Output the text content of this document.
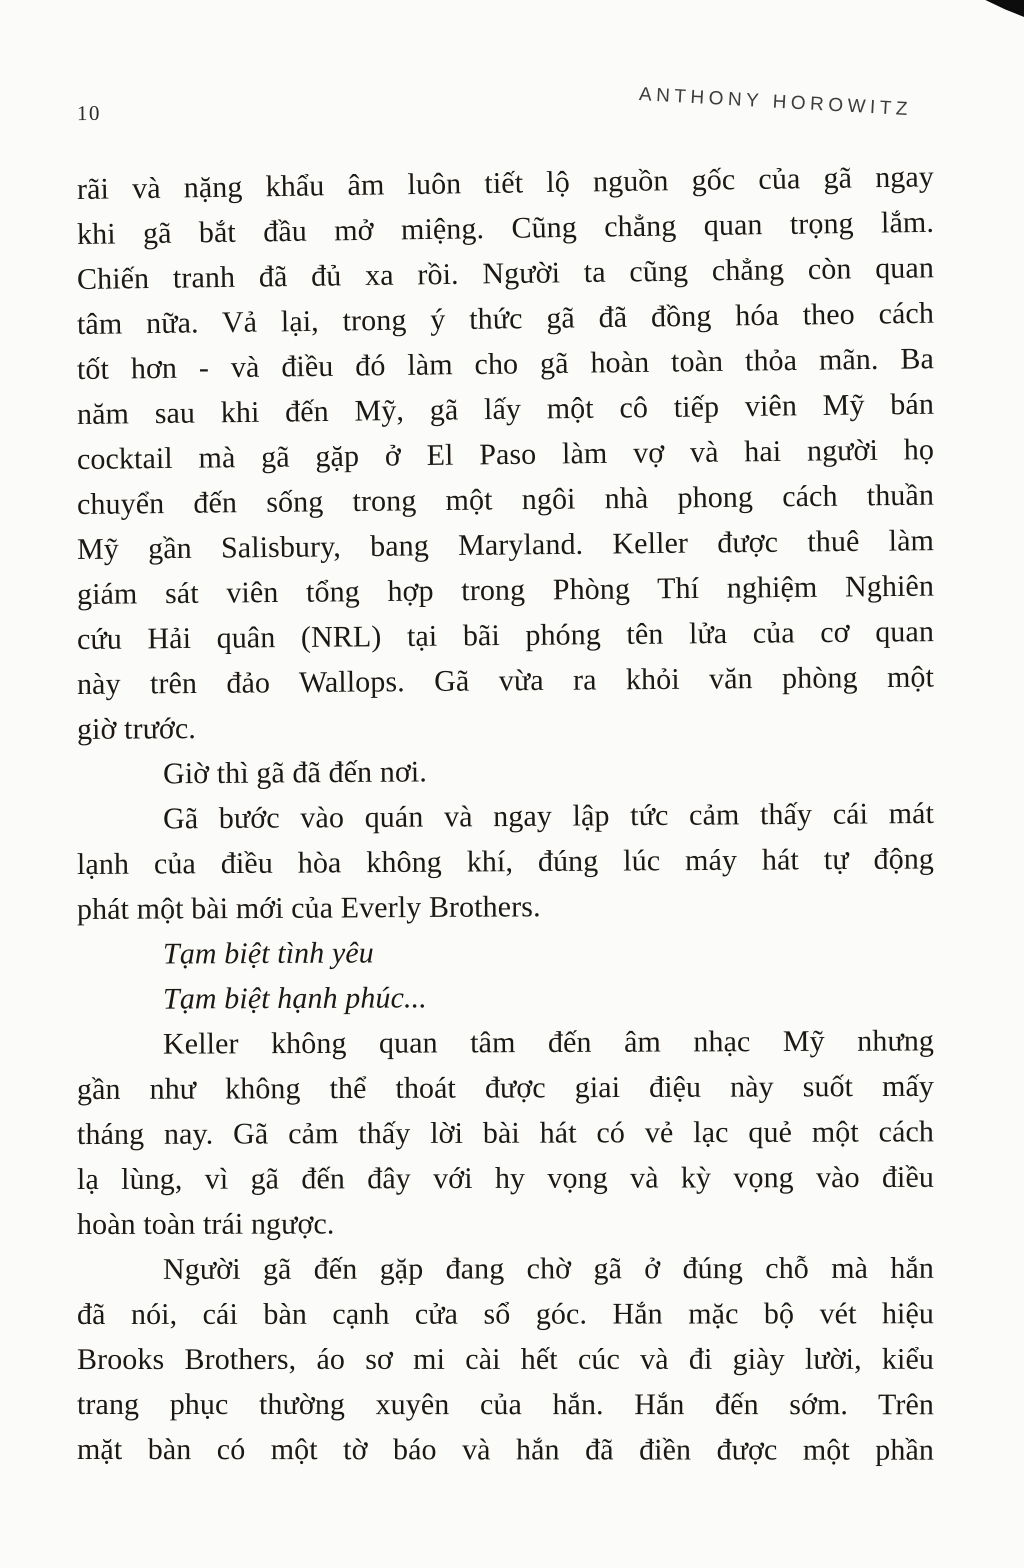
10	ANTHONY HOROWITZ
rãi và nặng khẩu âm luôn tiết lộ nguồn gốc của gã ngay
khi gã bắt đầu mở miệng. Cũng chẳng quan trọng lắm.
Chiến tranh đã đủ xa rồi. Người ta cũng chẳng còn quan
tâm nữa. Vả lại, trong ý thức gã đã đồng hóa theo cách
tốt hơn - và điều đó làm cho gã hoàn toàn thỏa mãn. Ba
năm sau khi đến Mỹ, gã lấy một cô tiếp viên Mỹ bán
cocktail mà gã gặp ở El Paso làm vợ và hai người họ
chuyển đến sống trong một ngôi nhà phong cách thuần
Mỹ gần Salisbury, bang Maryland. Keller được thuê làm
giám sát viên tổng hợp trong Phòng Thí nghiệm Nghiên
cứu Hải quân (NRL) tại bãi phóng tên lửa của cơ quan
này trên đảo Wallops. Gã vừa ra khỏi văn phòng một
giờ trước.
Giờ thì gã đã đến nơi.
Gã bước vào quán và ngay lập tức cảm thấy cái mát
lạnh của điều hòa không khí, đúng lúc máy hát tự động
phát một bài mới của Everly Brothers.
Tạm biệt tình yêu
Tạm biệt hạnh phúc...
Keller không quan tâm đến âm nhạc Mỹ nhưng
gần như không thể thoát được giai điệu này suốt mấy
tháng nay. Gã cảm thấy lời bài hát có vẻ lạc quẻ một cách
lạ lùng, vì gã đến đây với hy vọng và kỳ vọng vào điều
hoàn toàn trái ngược.
Người gã đến gặp đang chờ gã ở đúng chỗ mà hắn
đã nói, cái bàn cạnh cửa sổ góc. Hắn mặc bộ vét hiệu
Brooks Brothers, áo sơ mi cài hết cúc và đi giày lười, kiểu
trang phục thường xuyên của hắn. Hắn đến sớm. Trên
mặt bàn có một tờ báo và hắn đã điền được một phần
